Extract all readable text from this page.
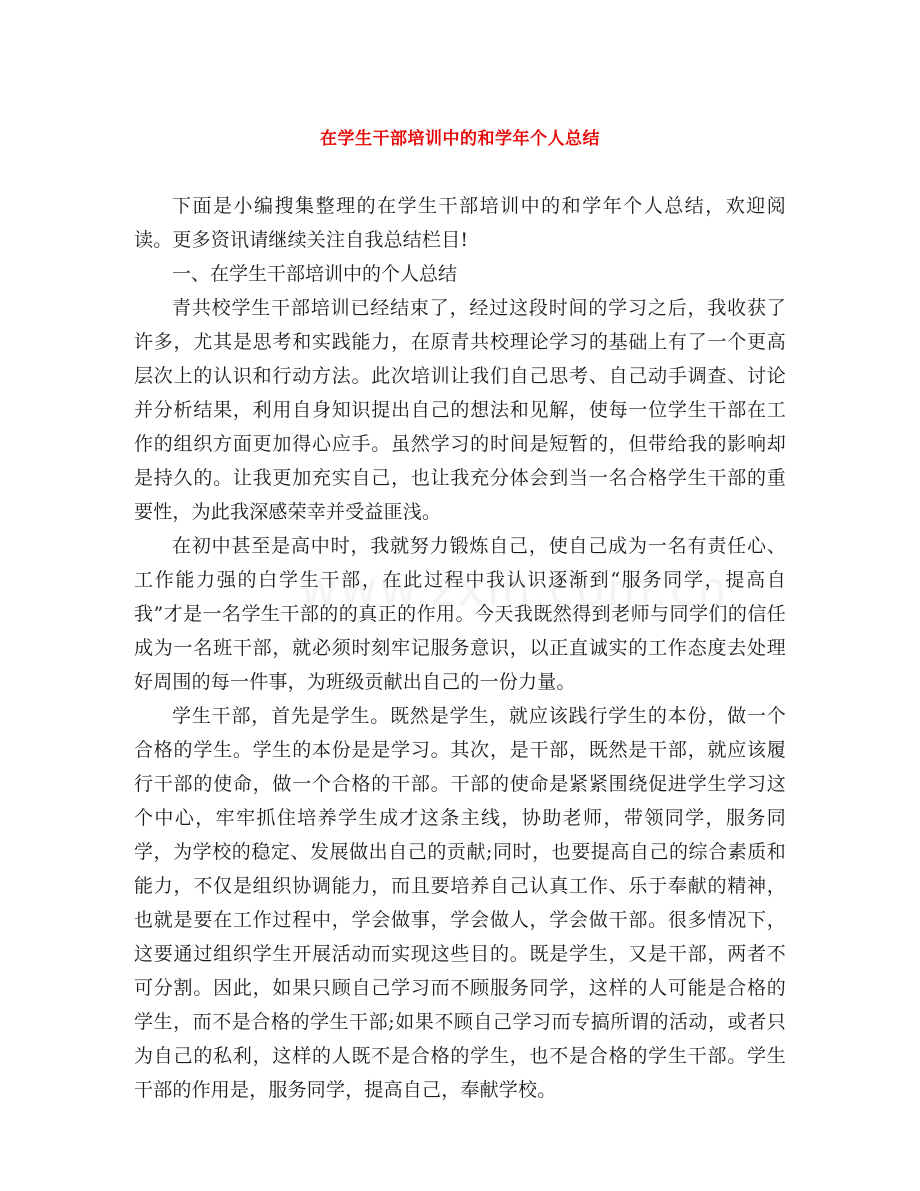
在学生干部培训中的和学年个人总结

下面是小编搜集整理的在学生干部培训中的和学年个人总结，欢迎阅读。更多资讯请继续关注自我总结栏目!

一、在学生干部培训中的个人总结

青共校学生干部培训已经结束了，经过这段时间的学习之后，我收获了许多，尤其是思考和实践能力，在原青共校理论学习的基础上有了一个更高层次上的认识和行动方法。此次培训让我们自己思考、自己动手调查、讨论并分析结果，利用自身知识提出自己的想法和见解，使每一位学生干部在工作的组织方面更加得心应手。虽然学习的时间是短暂的，但带给我的影响却是持久的。让我更加充实自己，也让我充分体会到当一名合格学生干部的重要性，为此我深感荣幸并受益匪浅。

在初中甚至是高中时，我就努力锻炼自己，使自己成为一名有责任心、工作能力强的白学生干部，在此过程中我认识逐渐到“服务同学，提高自我”才是一名学生干部的的真正的作用。今天我既然得到老师与同学们的信任成为一名班干部，就必须时刻牢记服务意识，以正直诚实的工作态度去处理好周围的每一件事，为班级贡献出自己的一份力量。

学生干部，首先是学生。既然是学生，就应该践行学生的本份，做一个合格的学生。学生的本份是是学习。其次，是干部，既然是干部，就应该履行干部的使命，做一个合格的干部。干部的使命是紧紧围绕促进学生学习这个中心，牢牢抓住培养学生成才这条主线，协助老师，带领同学，服务同学，为学校的稳定、发展做出自己的贡献;同时，也要提高自己的综合素质和能力，不仅是组织协调能力，而且要培养自己认真工作、乐于奉献的精神，也就是要在工作过程中，学会做事，学会做人，学会做干部。很多情况下，这要通过组织学生开展活动而实现这些目的。既是学生，又是干部，两者不可分割。因此，如果只顾自己学习而不顾服务同学，这样的人可能是合格的学生，而不是合格的学生干部;如果不顾自己学习而专搞所谓的活动，或者只为自己的私利，这样的人既不是合格的学生，也不是合格的学生干部。学生干部的作用是，服务同学，提高自己，奉献学校。
